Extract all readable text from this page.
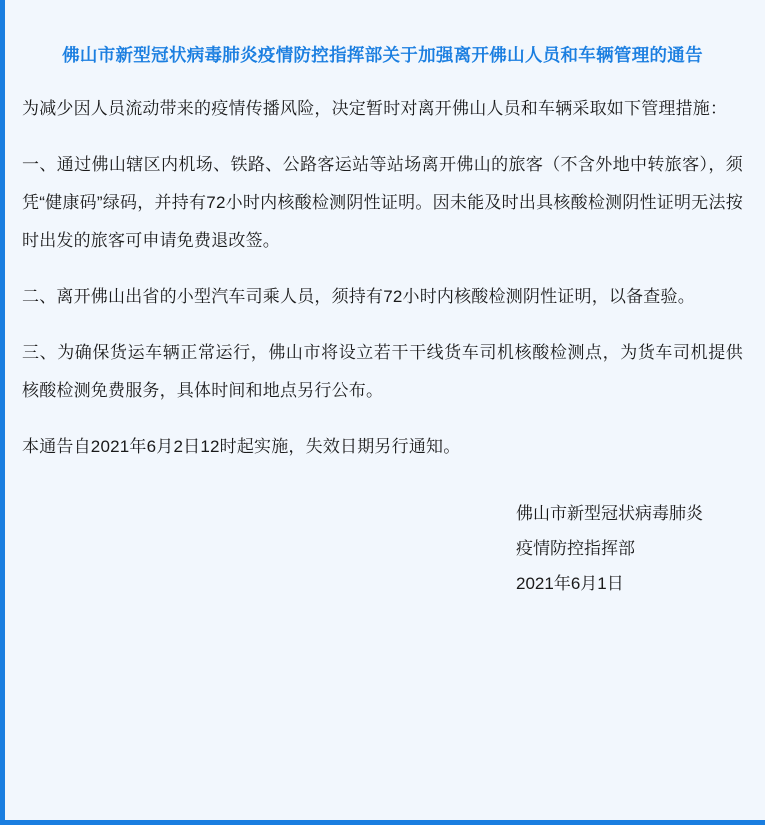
佛山市新型冠状病毒肺炎疫情防控指挥部关于加强离开佛山人员和车辆管理的通告

为减少因人员流动带来的疫情传播风险，决定暂时对离开佛山人员和车辆采取如下管理措施：

一、通过佛山辖区内机场、铁路、公路客运站等站场离开佛山的旅客（不含外地中转旅客），须凭“健康码”绿码，并持有72小时内核酸检测阴性证明。因未能及时出具核酸检测阴性证明无法按时出发的旅客可申请免费退改签。

二、离开佛山出省的小型汽车司乘人员，须持有72小时内核酸检测阴性证明，以备查验。

三、为确保货运车辆正常运行，佛山市将设立若干干线货车司机核酸检测点，为货车司机提供核酸检测免费服务，具体时间和地点另行公布。

本通告自2021年6月2日12时起实施，失效日期另行通知。

佛山市新型冠状病毒肺炎
疫情防控指挥部
2021年6月1日
